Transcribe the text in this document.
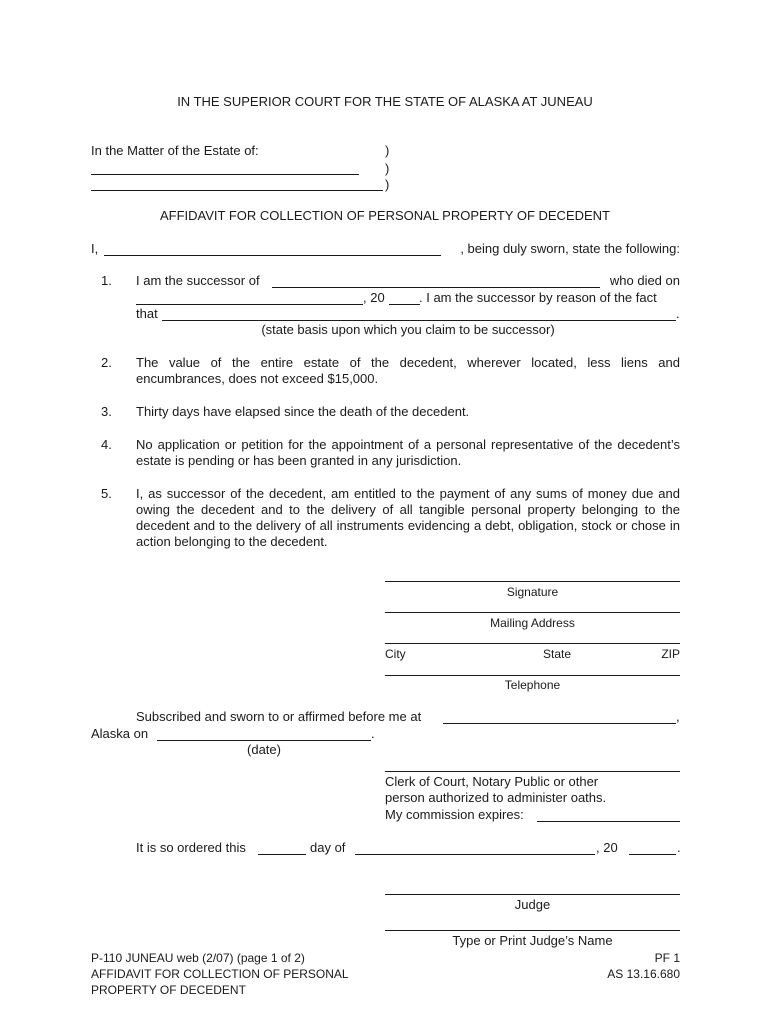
IN THE SUPERIOR COURT FOR THE STATE OF ALASKA AT JUNEAU
In the Matter of the Estate of:	)
)
)
AFFIDAVIT FOR COLLECTION OF PERSONAL PROPERTY OF DECEDENT
I,	, being duly sworn, state the following:
1. I am the successor of	who died on
, 20	. I am the successor by reason of the fact
that	.
(state basis upon which you claim to be successor)
2. The value of the entire estate of the decedent, wherever located, less liens and encumbrances, does not exceed $15,000.
3. Thirty days have elapsed since the death of the decedent.
4. No application or petition for the appointment of a personal representative of the decedent’s estate is pending or has been granted in any jurisdiction.
5. I, as successor of the decedent, am entitled to the payment of any sums of money due and owing the decedent and to the delivery of all tangible personal property belonging to the decedent and to the delivery of all instruments evidencing a debt, obligation, stock or chose in action belonging to the decedent.
Signature
Mailing Address
City	State	ZIP
Telephone
Subscribed and sworn to or affirmed before me at	,
Alaska on	.
(date)
Clerk of Court, Notary Public or other
person authorized to administer oaths.
My commission expires:
It is so ordered this	day of	, 20	.
Judge
Type or Print Judge’s Name
P-110 JUNEAU web (2/07) (page 1 of 2)
AFFIDAVIT FOR COLLECTION OF PERSONAL
PROPERTY OF DECEDENT
PF 1
AS 13.16.680
